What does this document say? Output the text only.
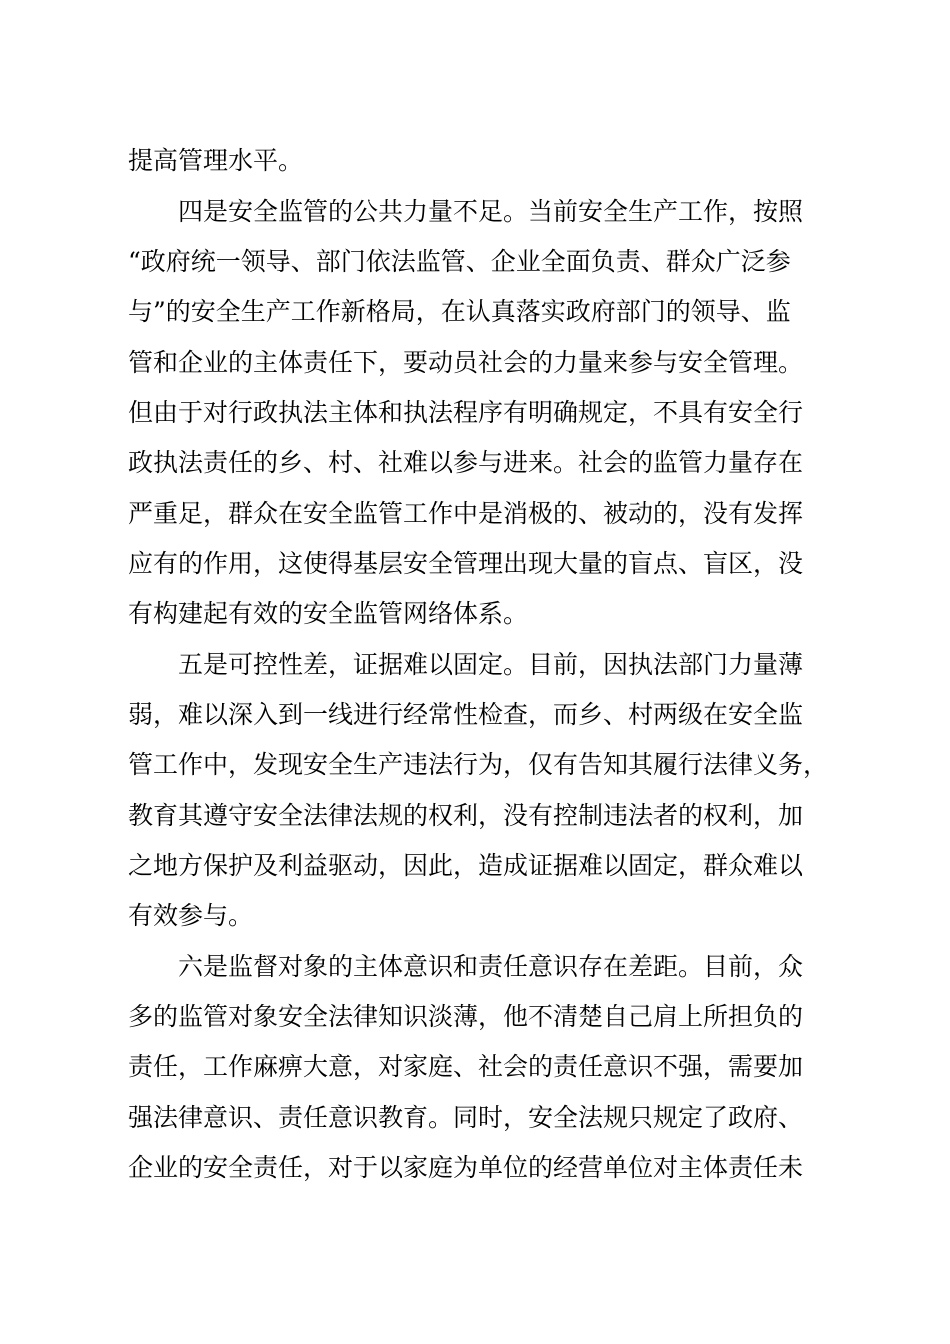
提高管理水平。
　　四是安全监管的公共力量不足。当前安全生产工作，按照
“政府统一领导、部门依法监管、企业全面负责、群众广泛参
与”的安全生产工作新格局，在认真落实政府部门的领导、监
管和企业的主体责任下，要动员社会的力量来参与安全管理。
但由于对行政执法主体和执法程序有明确规定，不具有安全行
政执法责任的乡、村、社难以参与进来。社会的监管力量存在
严重足，群众在安全监管工作中是消极的、被动的，没有发挥
应有的作用，这使得基层安全管理出现大量的盲点、盲区，没
有构建起有效的安全监管网络体系。
　　五是可控性差，证据难以固定。目前，因执法部门力量薄
弱，难以深入到一线进行经常性检查，而乡、村两级在安全监
管工作中，发现安全生产违法行为，仅有告知其履行法律义务，
教育其遵守安全法律法规的权利，没有控制违法者的权利，加
之地方保护及利益驱动，因此，造成证据难以固定，群众难以
有效参与。
　　六是监督对象的主体意识和责任意识存在差距。目前，众
多的监管对象安全法律知识淡薄，他不清楚自己肩上所担负的
责任，工作麻痹大意，对家庭、社会的责任意识不强，需要加
强法律意识、责任意识教育。同时，安全法规只规定了政府、
企业的安全责任，对于以家庭为单位的经营单位对主体责任未
